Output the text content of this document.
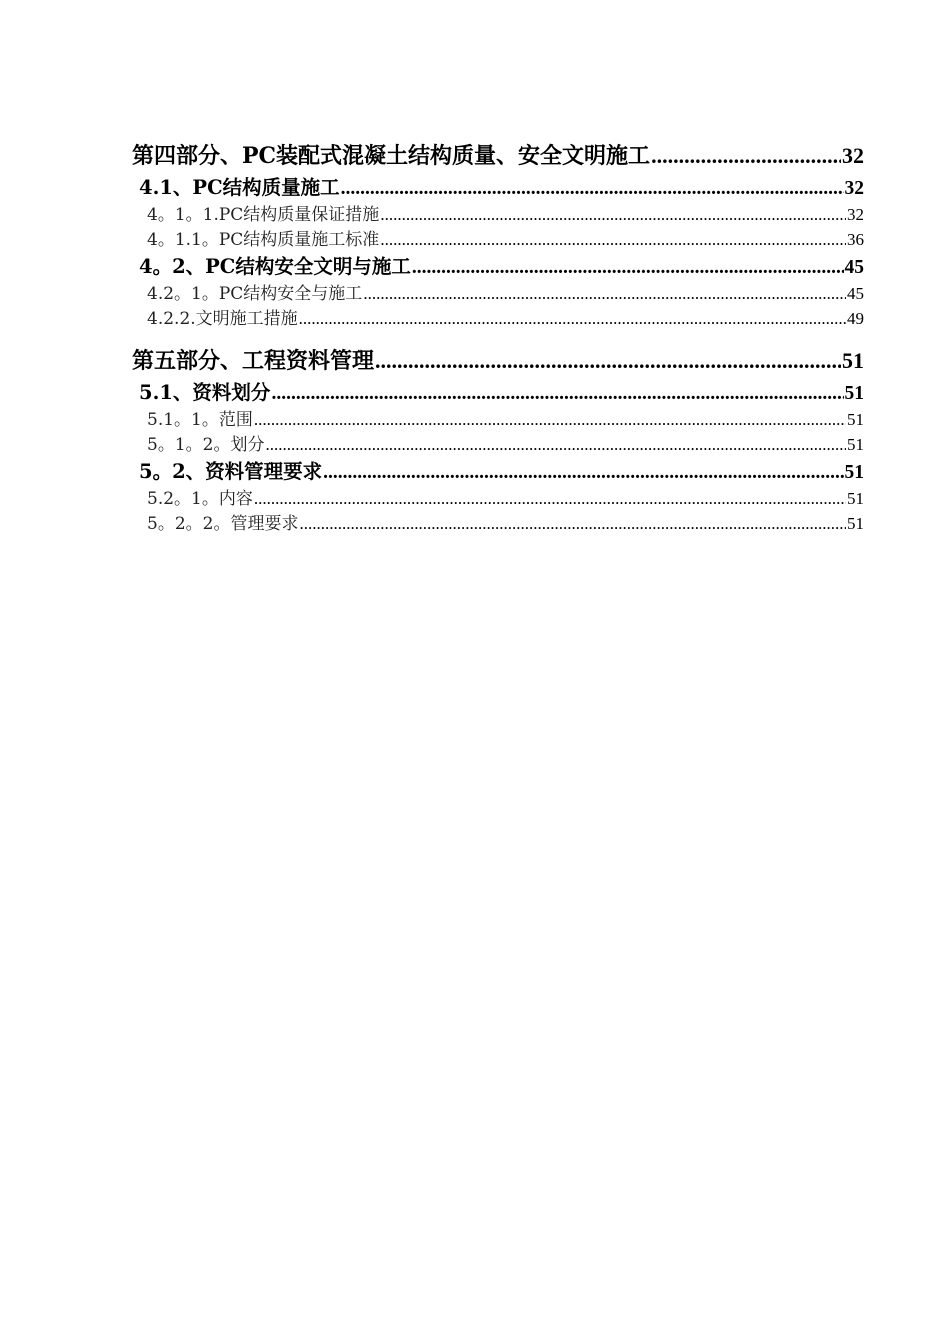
第四部分、PC装配式混凝土结构质量、安全文明施工 .....	32
4.1、PC结构质量施工 .....	32
4。1。1.PC结构质量保证措施 .....	32
4。1.1。PC结构质量施工标准 .....	36
4。2、PC结构安全文明与施工 .....	45
4.2。1。PC结构安全与施工 .....	45
4.2.2.文明施工措施 .....	49
第五部分、工程资料管理 .....	51
5.1、资料划分 .....	51
5.1。1。范围 .....	51
5。1。2。划分 .....	51
5。2、资料管理要求 .....	51
5.2。1。内容 .....	51
5。2。2。管理要求 .....	51
